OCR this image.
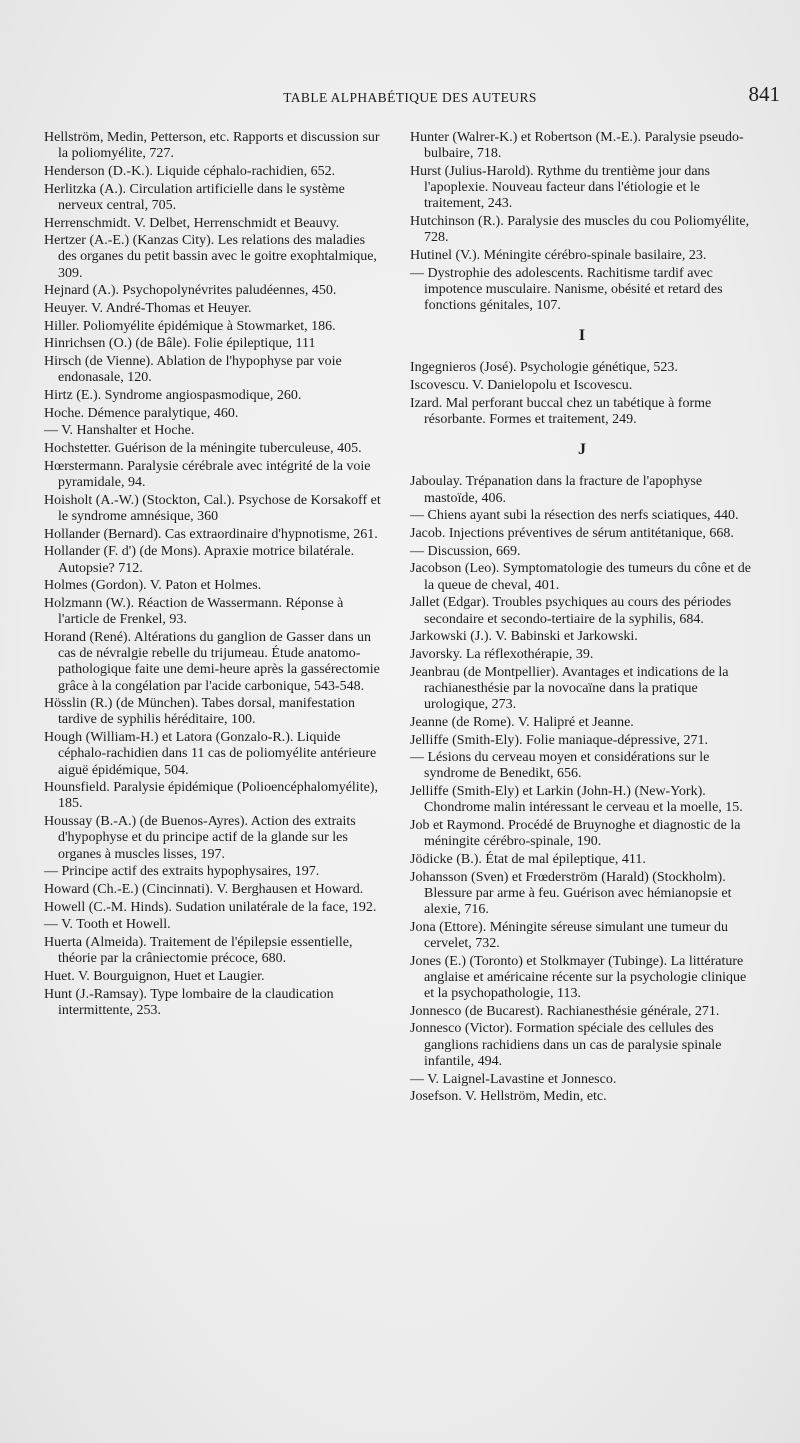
TABLE ALPHABÉTIQUE DES AUTEURS	841

Hellström, Medin, Petterson, etc. Rapports et discussion sur la poliomyélite, 727.

Henderson (D.-K.). Liquide céphalo-rachidien, 652.

Herlitzka (A.). Circulation artificielle dans le système nerveux central, 705.

Herrenschmidt. V. Delbet, Herrenschmidt et Beauvy.

Hertzer (A.-E.) (Kanzas City). Les relations des maladies des organes du petit bassin avec le goitre exophtalmique, 309.

Hejnard (A.). Psychopolynévrites paludéennes, 450.

Heuyer. V. André-Thomas et Heuyer.

Hiller. Poliomyélite épidémique à Stowmarket, 186.

Hinrichsen (O.) (de Bâle). Folie épileptique, 111

Hirsch (de Vienne). Ablation de l'hypophyse par voie endonasale, 120.

Hirtz (E.). Syndrome angiospasmodique, 260.

Hoche. Démence paralytique, 460.

— V. Hanshalter et Hoche.

Hochstetter. Guérison de la méningite tuberculeuse, 405.

Hœrstermann. Paralysie cérébrale avec intégrité de la voie pyramidale, 94.

Hoisholt (A.-W.) (Stockton, Cal.). Psychose de Korsakoff et le syndrome amnésique, 360

Hollander (Bernard). Cas extraordinaire d'hypnotisme, 261.

Hollander (F. d') (de Mons). Apraxie motrice bilatérale. Autopsie? 712.

Holmes (Gordon). V. Paton et Holmes.

Holzmann (W.). Réaction de Wassermann. Réponse à l'article de Frenkel, 93.

Horand (René). Altérations du ganglion de Gasser dans un cas de névralgie rebelle du trijumeau. Étude anatomo-pathologique faite une demi-heure après la gassérectomie grâce à la congélation par l'acide carbonique, 543-548.

Hösslin (R.) (de München). Tabes dorsal, manifestation tardive de syphilis héréditaire, 100.

Hough (William-H.) et Latora (Gonzalo-R.). Liquide céphalo-rachidien dans 11 cas de poliomyélite antérieure aiguë épidémique, 504.

Hounsfield. Paralysie épidémique (Polioencéphalomyélite), 185.

Houssay (B.-A.) (de Buenos-Ayres). Action des extraits d'hypophyse et du principe actif de la glande sur les organes à muscles lisses, 197.

— Principe actif des extraits hypophysaires, 197.

Howard (Ch.-E.) (Cincinnati). V. Berghausen et Howard.

Howell (C.-M. Hinds). Sudation unilatérale de la face, 192.

— V. Tooth et Howell.

Huerta (Almeida). Traitement de l'épilepsie essentielle, théorie par la crâniectomie précoce, 680.

Huet. V. Bourguignon, Huet et Laugier.

Hunt (J.-Ramsay). Type lombaire de la claudication intermittente, 253.

Hunter (Walrer-K.) et Robertson (M.-E.). Paralysie pseudo-bulbaire, 718.

Hurst (Julius-Harold). Rythme du trentième jour dans l'apoplexie. Nouveau facteur dans l'étiologie et le traitement, 243.

Hutchinson (R.). Paralysie des muscles du cou Poliomyélite, 728.

Hutinel (V.). Méningite cérébro-spinale basilaire, 23.

— Dystrophie des adolescents. Rachitisme tardif avec impotence musculaire. Nanisme, obésité et retard des fonctions génitales, 107.

I

Ingegnieros (José). Psychologie génétique, 523.

Iscovescu. V. Danielopolu et Iscovescu.

Izard. Mal perforant buccal chez un tabétique à forme résorbante. Formes et traitement, 249.

J

Jaboulay. Trépanation dans la fracture de l'apophyse mastoïde, 406.

— Chiens ayant subi la résection des nerfs sciatiques, 440.

Jacob. Injections préventives de sérum antitétanique, 668.

— Discussion, 669.

Jacobson (Leo). Symptomatologie des tumeurs du cône et de la queue de cheval, 401.

Jallet (Edgar). Troubles psychiques au cours des périodes secondaire et secondo-tertiaire de la syphilis, 684.

Jarkowski (J.). V. Babinski et Jarkowski.

Javorsky. La réflexothérapie, 39.

Jeanbrau (de Montpellier). Avantages et indications de la rachianesthésie par la novocaïne dans la pratique urologique, 273.

Jeanne (de Rome). V. Halipré et Jeanne.

Jelliffe (Smith-Ely). Folie maniaque-dépressive, 271.

— Lésions du cerveau moyen et considérations sur le syndrome de Benedikt, 656.

Jelliffe (Smith-Ely) et Larkin (John-H.) (New-York). Chondrome malin intéressant le cerveau et la moelle, 15.

Job et Raymond. Procédé de Bruynoghe et diagnostic de la méningite cérébro-spinale, 190.

Jödicke (B.). État de mal épileptique, 411.

Johansson (Sven) et Frœderström (Harald) (Stockholm). Blessure par arme à feu. Guérison avec hémianopsie et alexie, 716.

Jona (Ettore). Méningite séreuse simulant une tumeur du cervelet, 732.

Jones (E.) (Toronto) et Stolkmayer (Tubinge). La littérature anglaise et américaine récente sur la psychologie clinique et la psychopathologie, 113.

Jonnesco (de Bucarest). Rachianesthésie générale, 271.

Jonnesco (Victor). Formation spéciale des cellules des ganglions rachidiens dans un cas de paralysie spinale infantile, 494.

— V. Laignel-Lavastine et Jonnesco.

Josefson. V. Hellström, Medin, etc.
